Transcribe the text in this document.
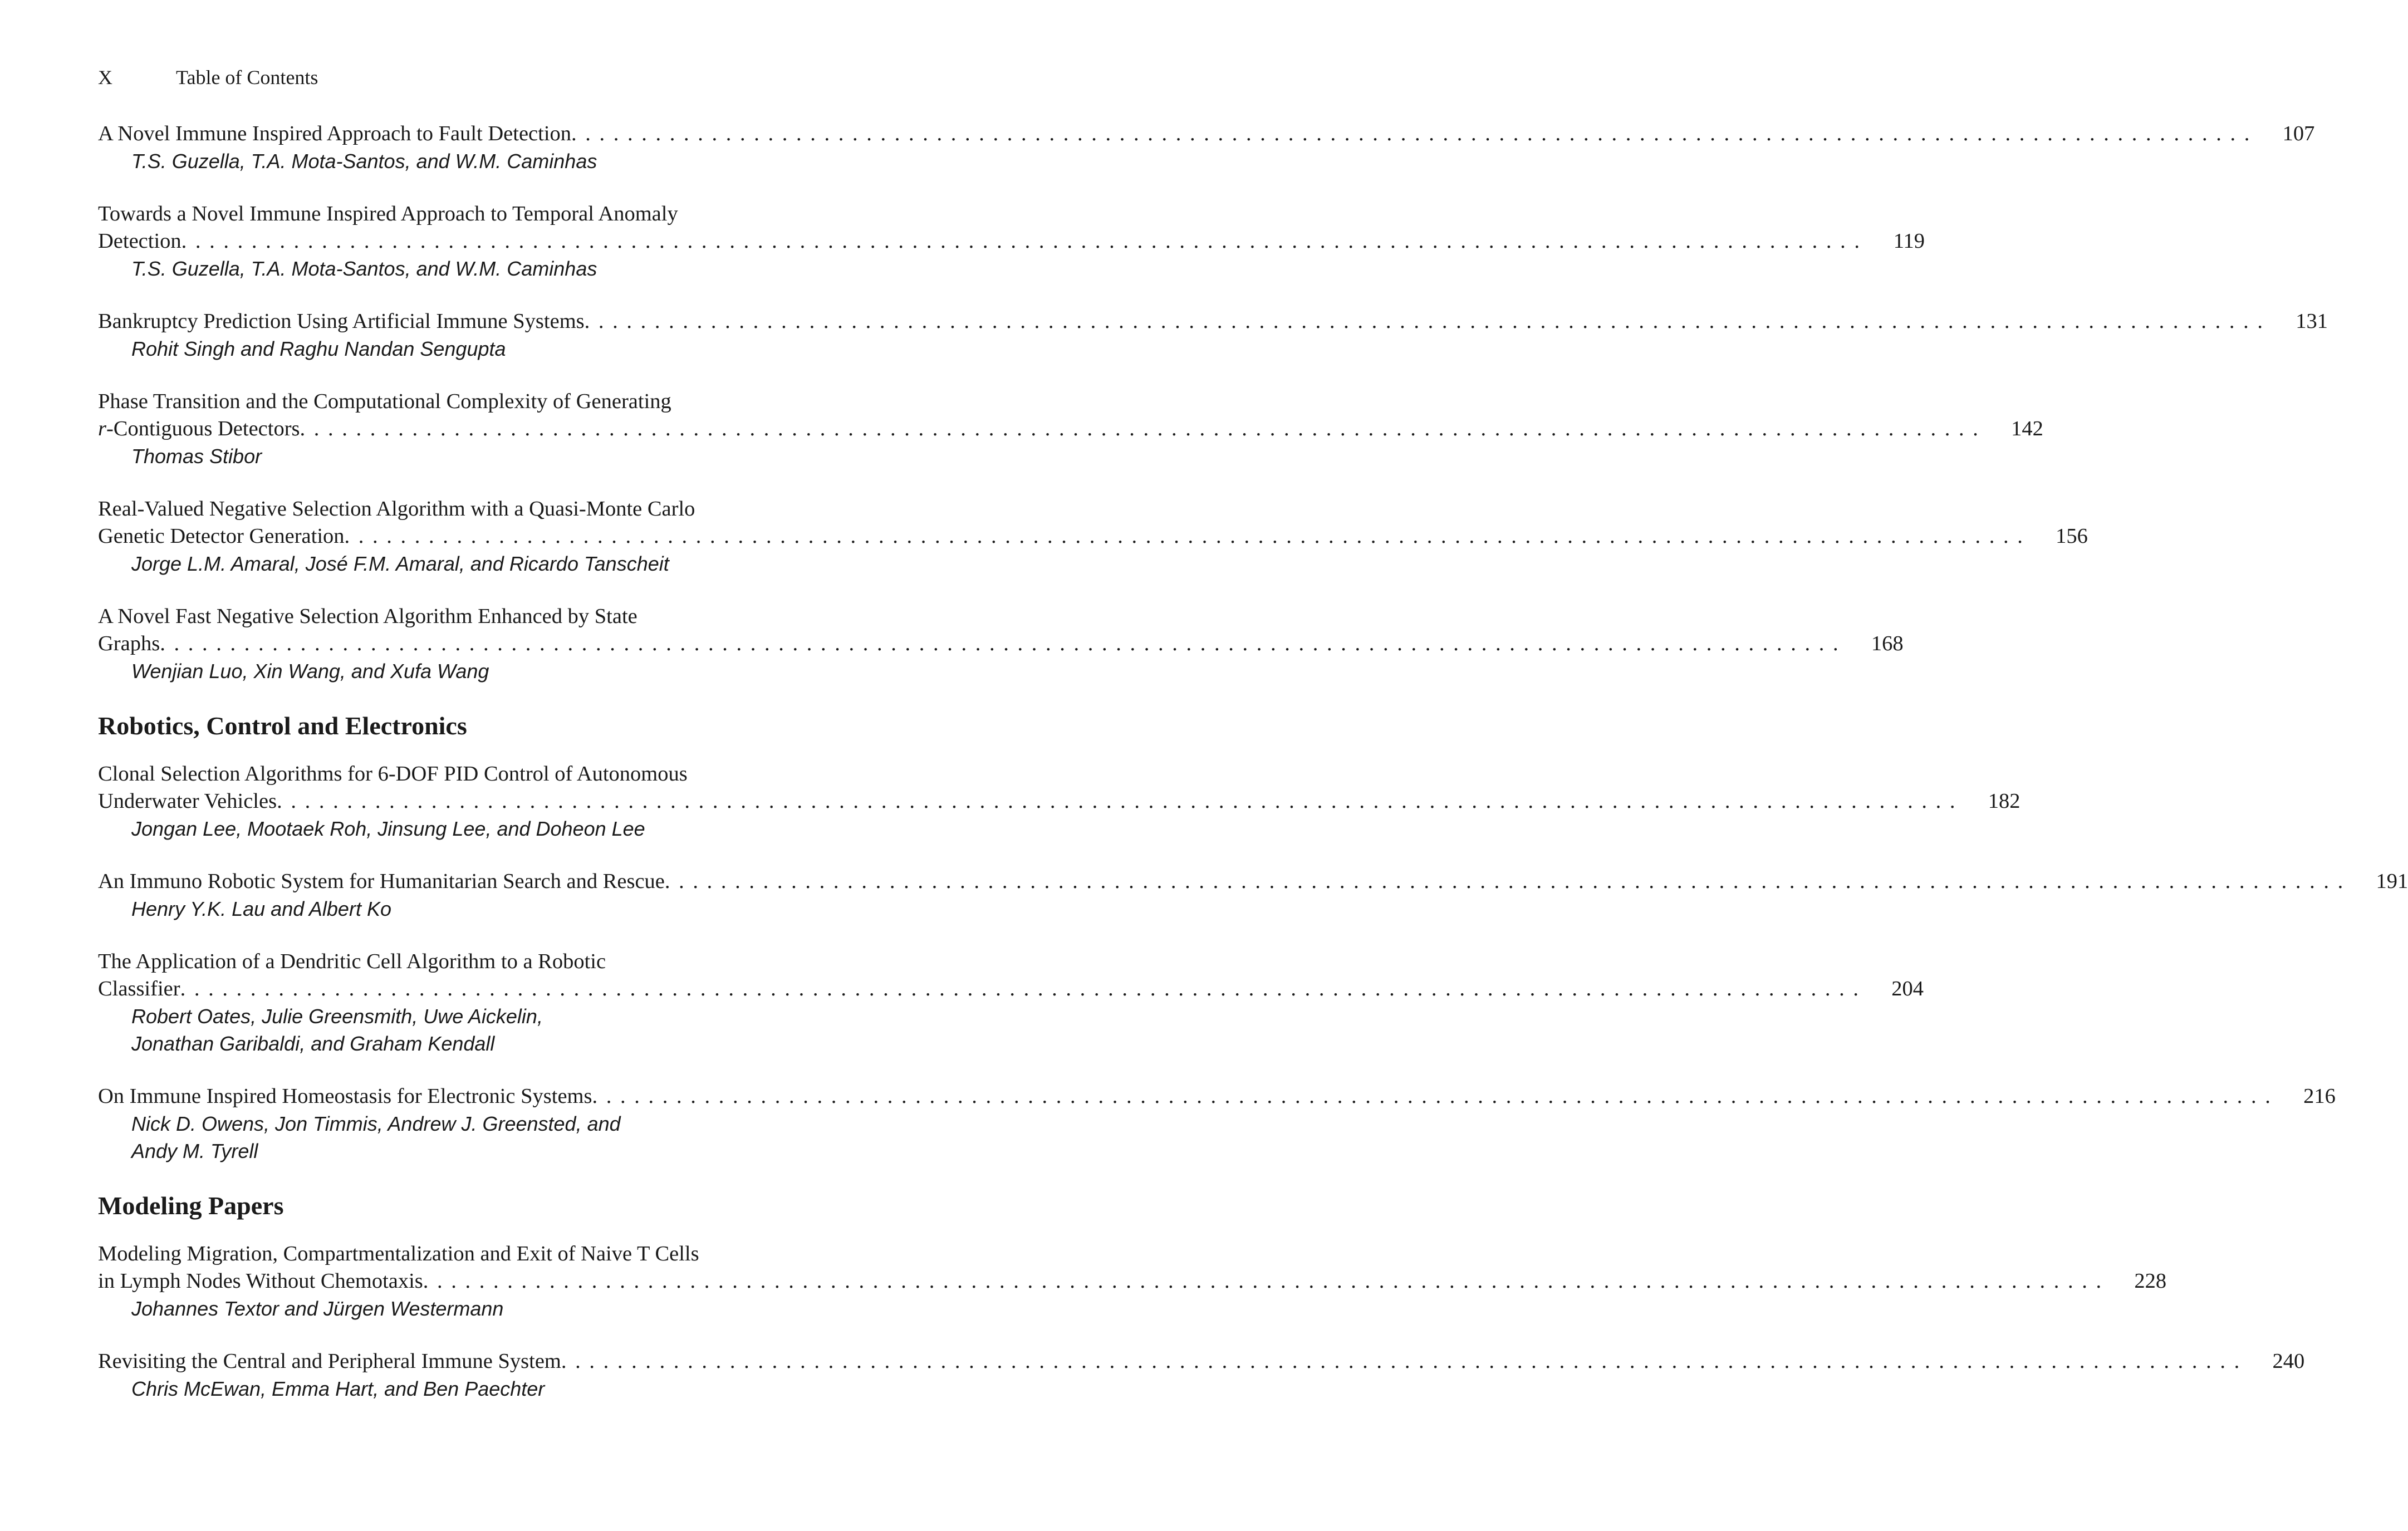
X	Table of Contents
A Novel Immune Inspired Approach to Fault Detection . . . . . . . . . . . . . . . . . . . . . . . . . . . . . . . . . . . . . . . . . . . . . . . . . . . . . . . . . . . . . . . . . . . . . . . . . . . . . . . . . . . . . . . . . . . . . . . . . . . . . . . . . . . . . . . . . . . . . . . .	107
T.S. Guzella, T.A. Mota-Santos, and W.M. Caminhas
Towards a Novel Immune Inspired Approach to Temporal Anomaly
Detection . . . . . . . . . . . . . . . . . . . . . . . . . . . . . . . . . . . . . . . . . . . . . . . . . . . . . . . . . . . . . . . . . . . . . . . . . . . . . . . . . . . . . . . . . . . . . . . . . . . . . . . . . . . . . . . . . . . . . . . .	119
T.S. Guzella, T.A. Mota-Santos, and W.M. Caminhas
Bankruptcy Prediction Using Artificial Immune Systems . . . . . . . . . . . . . . . . . . . . . . . . . . . . . . . . . . . . . . . . . . . . . . . . . . . . . . . . . . . . . . . . . . . . . . . . . . . . . . . . . . . . . . . . . . . . . . . . . . . . . . . . . . . . . . . . . . . . . . . .	131
Rohit Singh and Raghu Nandan Sengupta
Phase Transition and the Computational Complexity of Generating
r-Contiguous Detectors . . . . . . . . . . . . . . . . . . . . . . . . . . . . . . . . . . . . . . . . . . . . . . . . . . . . . . . . . . . . . . . . . . . . . . . . . . . . . . . . . . . . . . . . . . . . . . . . . . . . . . . . . . . . . . . . . . . . . . . .	142
Thomas Stibor
Real-Valued Negative Selection Algorithm with a Quasi-Monte Carlo
Genetic Detector Generation . . . . . . . . . . . . . . . . . . . . . . . . . . . . . . . . . . . . . . . . . . . . . . . . . . . . . . . . . . . . . . . . . . . . . . . . . . . . . . . . . . . . . . . . . . . . . . . . . . . . . . . . . . . . . . . . . . . . . . . .	156
Jorge L.M. Amaral, José F.M. Amaral, and Ricardo Tanscheit
A Novel Fast Negative Selection Algorithm Enhanced by State
Graphs . . . . . . . . . . . . . . . . . . . . . . . . . . . . . . . . . . . . . . . . . . . . . . . . . . . . . . . . . . . . . . . . . . . . . . . . . . . . . . . . . . . . . . . . . . . . . . . . . . . . . . . . . . . . . . . . . . . . . . . .	168
Wenjian Luo, Xin Wang, and Xufa Wang
Robotics, Control and Electronics
Clonal Selection Algorithms for 6-DOF PID Control of Autonomous
Underwater Vehicles . . . . . . . . . . . . . . . . . . . . . . . . . . . . . . . . . . . . . . . . . . . . . . . . . . . . . . . . . . . . . . . . . . . . . . . . . . . . . . . . . . . . . . . . . . . . . . . . . . . . . . . . . . . . . . . . . . . . . . . .	182
Jongan Lee, Mootaek Roh, Jinsung Lee, and Doheon Lee
An Immuno Robotic System for Humanitarian Search and Rescue . . . . . . . . . . . . . . . . . . . . . . . . . . . . . . . . . . . . . . . . . . . . . . . . . . . . . . . . . . . . . . . . . . . . . . . . . . . . . . . . . . . . . . . . . . . . . . . . . . . . . . . . . . . . . . . . . . . . . . . .	191
Henry Y.K. Lau and Albert Ko
The Application of a Dendritic Cell Algorithm to a Robotic
Classifier . . . . . . . . . . . . . . . . . . . . . . . . . . . . . . . . . . . . . . . . . . . . . . . . . . . . . . . . . . . . . . . . . . . . . . . . . . . . . . . . . . . . . . . . . . . . . . . . . . . . . . . . . . . . . . . . . . . . . . . .	204
Robert Oates, Julie Greensmith, Uwe Aickelin,
Jonathan Garibaldi, and Graham Kendall
On Immune Inspired Homeostasis for Electronic Systems . . . . . . . . . . . . . . . . . . . . . . . . . . . . . . . . . . . . . . . . . . . . . . . . . . . . . . . . . . . . . . . . . . . . . . . . . . . . . . . . . . . . . . . . . . . . . . . . . . . . . . . . . . . . . . . . . . . . . . . .	216
Nick D. Owens, Jon Timmis, Andrew J. Greensted, and
Andy M. Tyrell
Modeling Papers
Modeling Migration, Compartmentalization and Exit of Naive T Cells
in Lymph Nodes Without Chemotaxis . . . . . . . . . . . . . . . . . . . . . . . . . . . . . . . . . . . . . . . . . . . . . . . . . . . . . . . . . . . . . . . . . . . . . . . . . . . . . . . . . . . . . . . . . . . . . . . . . . . . . . . . . . . . . . . . . . . . . . . .	228
Johannes Textor and Jürgen Westermann
Revisiting the Central and Peripheral Immune System . . . . . . . . . . . . . . . . . . . . . . . . . . . . . . . . . . . . . . . . . . . . . . . . . . . . . . . . . . . . . . . . . . . . . . . . . . . . . . . . . . . . . . . . . . . . . . . . . . . . . . . . . . . . . . . . . . . . . . . .	240
Chris McEwan, Emma Hart, and Ben Paechter
